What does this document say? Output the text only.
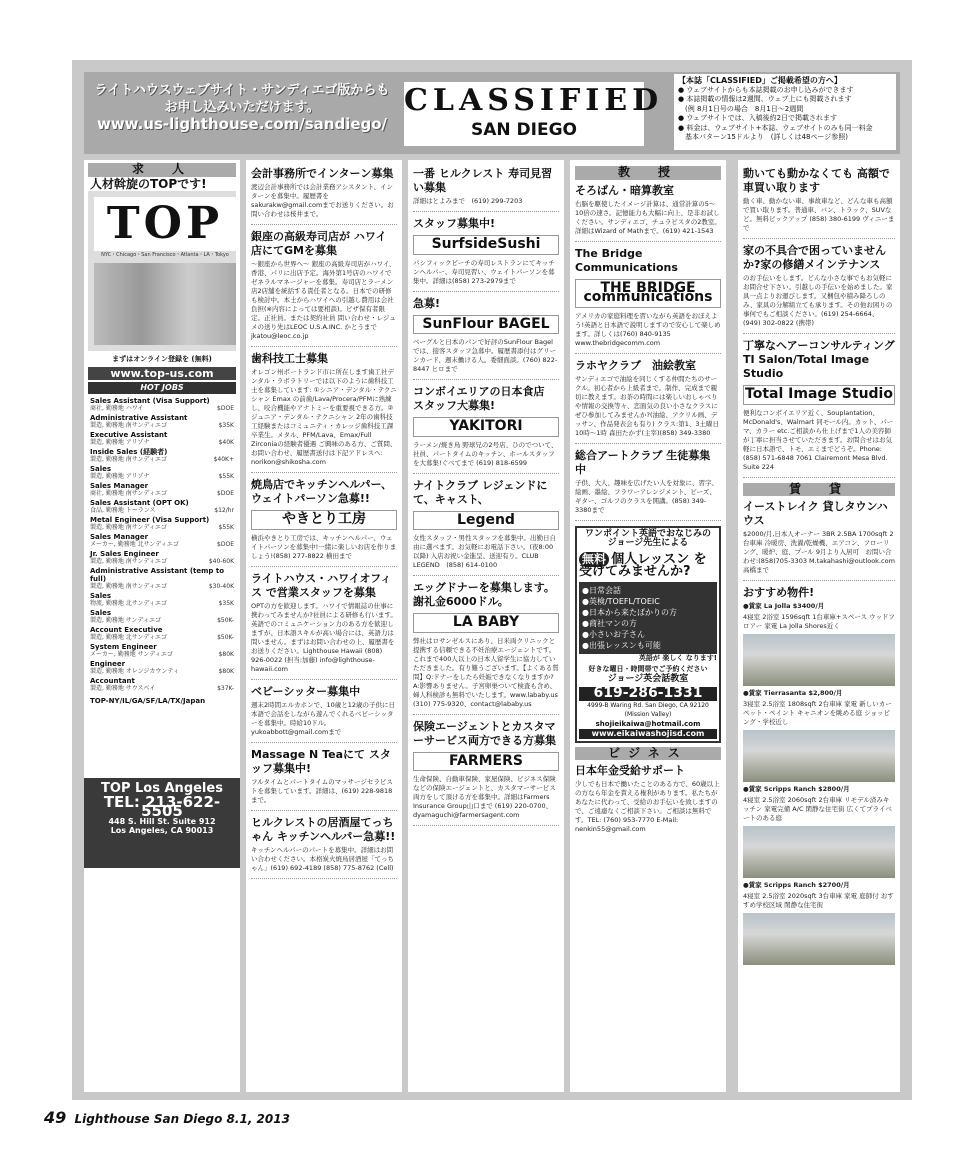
ライトハウスウェブサイト・サンディエゴ版からも
お申し込みいただけます。
www.us-lighthouse.com/sandiego/
CLASSIFIED
SAN DIEGO
【本誌「CLASSIFIED」ご掲載希望の方へ】
● ウェブサイトからも本誌掲載のお申し込みができます
● 本誌掲載の情報は2週間、ウェブ上にも掲載されます
　(例 8月1日号の場合　8月1日〜2週間
● ウェブサイトでは、入稿後約2日で掲載されます
● 料金は、ウェブサイト+本誌、ウェブサイトのみも同一料金
　基本パターン15ドルより　(詳しくは48ページ参照)
求　人
人材斡旋のTOPです!
TOP
NYC・Chicago・San Francisco・Atlanta・LA・Tokyo
まずはオンライン登録を (無料)
www.top-us.com
HOT JOBS
Sales Assistant (Visa Support)
商社, 勤務地 ハワイ	$DOE
Administrative Assistant
製造, 勤務地 南サンディエゴ	$35K
Executive Assistant
製造, 勤務地 アリゾナ	$40K
Inside Sales (経験者)
製造, 勤務地 南サンディエゴ	$40K+
Sales
製造, 勤務地 アリゾナ	$55K
Sales Manager
商社, 勤務地 南サンディエゴ	$DOE
Sales Assistant (OPT OK)
食品, 勤務地 トーランス	$12/hr
Metal Engineer (Visa Support)
製造, 勤務地 南サンディエゴ	$55K
Sales Manager
メーカー, 勤務地 北サンディエゴ	$DOE
Jr. Sales Engineer
製造, 勤務地 南サンディエゴ	$40-60K
Administrative Assistant (temp to full)
製造, 勤務地 南サンディエゴ	$30-40K
Sales
物流, 勤務地 北サンディエゴ	$35K
Sales
製造, 勤務地 サンディエゴ	$50K-
Account Executive
製造, 勤務地 北サンディエゴ	$50K-
System Engineer
メーカー, 勤務地 サンディエゴ	$80K
Engineer
製造, 勤務地 オレンジカウンティ	$80K
Accountant
製造, 勤務地 サウスベイ	$37K-
TOP-NY/IL/GA/SF/LA/TX/Japan
TOP Los Angeles
TEL: 213-622-5505
448 S. Hill St. Suite 912
Los Angeles, CA 90013
会計事務所でインターン募集
渡辺会計事務所では会計業務アシスタント、インターンを募集中。履歴書をsakurakw@gmail.comまでお送りください。お問い合わせは桜井まで。
銀座の高級寿司店が ハワイ店にてGMを募集
〜銀座から世界へ〜 銀座の高級寿司店がハワイ、香港、パリに出店予定。海外第1号店のハワイでゼネラルマネージャーを募集。寿司店とラーメン店2店舗を統括する責任者となる。日本での研修も検討中。本土からハワイへの引越し費用は会社負担(※内容によっては要相談)。ビザ保有者限定。正社員。または契約社員 問い合わせ・レジュメの送り先はLEOC U.S.A.INC. かとうまで　jkatou@leoc.co.jp
歯科技工士募集
オレゴン州ポートランド市に所在します歯工社デンタル・ラボラトリーでは以下のように歯科技工士を募集しています: ①シニア・デンタル・テクニシャン Emax の前歯/Lava/Procera/PFMに熟練し、咬合機能やアナトミーを重要視できる方。②ジュニア・デンタル・テクニシャン 2年の歯科技工経験またはコミュニティ・カレッジ歯科技工課卒業生。メタル、PFM/Lava、Emax/Full Zirconiaの経験者優遇 ご興味のある方、ご質問、お問い合わせ、履歴書送付は下記アドレスへ: norikon@shikosha.com
焼鳥店でキッチンヘルパー、ウェイトパーソン急募!!
やきとり工房
横浜やきとり工房では、キッチンヘルパー、ウェイトパーソンを募集中!一緒に楽しいお店を作りましょう!(858) 277-8822 横田まで
ライトハウス・ハワイオフィス で営業スタッフを募集
OPTの方を歓迎します。ハワイで情報誌の仕事に携わってみませんか?社員による研修も行います。英語でのコミュニケーション力のある方を歓迎しますが、日本語スキルが高い場合には、英語力は問いません。まずはお問い合わせの上、履歴書をお送りください。Lighthouse Hawaii (808) 926-0022 (担当:加藤) info@lighthouse-hawaii.com
ベビーシッター募集中
週末2時間エルカホンで、10歳と12歳の子供に日本語で会話をしながら遊んでくれるベビーシッターを募集中。時給10ドル。yukoabbott@gmail.comまで
Massage N Teaにて スタッフ募集中!
フルタイムとパートタイムのマッサージセラピストを募集しています。詳細は、(619) 228-9818まで。
ヒルクレストの居酒屋てっちゃん キッチンヘルパー急募!!
キッチンヘルパーのパートを募集中。詳細はお問い合わせください。本格炭火焼鳥居酒屋「てっちゃん」(619) 692-4189 (858) 775-8762 (Cell)
一番 ヒルクレスト 寿司見習い募集
詳細はとよみまで　(619) 299-7203
スタッフ募集中!
SurfsideSushi
パシフィックビーチの寿司レストランにてキッチンヘルパー、寿司見習い、ウェイトパーソンを募集中。詳細は(858) 273-2979まで
急募!
SunFlour BAGEL
ベーグルと日本のパンで好評のSunFlour Bagelでは、接客スタッフ急募中。履歴書添付はグリーンカード、週末働ける人。委細面談。(760) 822-8447 ヒロまで
コンボイエリアの日本食店 スタッフ大募集!
YAKITORI
ラーメン/焼き鳥 野球兄の2号店、ひのでついて、社員、パートタイムのキッチン、ホールスタッフを大募集!ぐべてまで (619) 818-6599
ナイトクラブ レジェンドにて、キャスト、
Legend
女性スタッフ・男性スタッフを募集中。出勤日自由に選べます。お気軽にお電話下さい。(夜8:00以降) 入店お祝い金進呈、送迎有り。CLUB LEGEND　(858) 614-0100
エッグドナーを募集します。 謝礼金6000ドル。
LA BABY
弊社はロサンゼルスにあり、日米両クリニックと提携する信頼できる不妊治療エージェントです。これまで400人以上の日本人留学生に協力していただきました。有り難うございます。【よくある質問】Q:ドナーをしたら妊娠できなくなりますか? A:影響ありません。子宮卵巣ついて検査も含め、婦人科検診も無料でいたします。www.lababy.us (310) 775-9320、contact@lababy.us
保険エージェントとカスタマーサービス両方できる方募集
FARMERS
生命保険、自動車保険、家屋保険、ビジネス保険などの保険エージェントと、カスタマーサービス両方をして頂ける方を募集中。詳細はFarmers Insurance Group山口まで (619) 220-0700、dyamaguchi@farmersagent.com
教　授
そろばん・暗算教室
右脳を駆使したイメージ計算は、通常計算の5〜10倍の速さ。記憶能力も大幅に向上、是非お試しください。サンディエゴ、チュラビスタの2教室。詳細はWizard of Mathまで。(619) 421-1543
The Bridge Communications
THE BRIDGE communications
アメリカの家庭料理を習いながら英語をおぼえよう!英語と日本語で説明しますので安心して楽しめます。詳しくは(760) 840-9135 www.thebridgecomm.com
ラホヤクラブ　油絵教室
サンディエゴで油絵を同じくする仲間たちのサークル。初心者から上級者まで。制作、完成まで親切に教えます。お茶の時間には楽しいおしゃべりや情報の交換等々、恋面気の良い小さなクラスにぜひ参加してみませんか?(油絵、アクリル画、デッサン、作品発表会も有り) クラス:第1、3土曜日 10時〜1時 森田たかず(主宰)(858) 349-3380
総合アートクラブ 生徒募集中
子供、大人、趣味を広げたい人を対象に、習字、絵画、墨絵、フラワーアレンジメント、ピーズ、ギター、ゴルフのクラスを開講。(858) 349-3380まで
ワンポイント英語でおなじみの ジョージ先生による
無料 個人レッスン を受けてみませんか?
●日常会話
●英検/TOEFL/TOEIC
●日本から来たばかりの方
●商社マンの方
●小さいお子さん
●出張レッスンも可能
英語が 楽しく なります!
好きな曜日・時間帯でご予約ください
ジョージ英会話教室
619-286-1331
4999-B Waring Rd. San Diego, CA 92120 (Mission Valley)
shojieikaiwa@hotmail.com
www.eikaiwashojisd.com
ビジネス
日本年金受給サポート
少しでも日本で働いたことのある方で、60歳以上の方なら年金を貰える権利があります。私たちがあなたに代わって、受給のお手伝いを致しますので、ご遠慮なくご相談下さい。ご相談は無料です。TEL: (760) 953-7770 E-Mail: nenkin55@gmail.com
動いても動かなくても 高額で車買い取ります
動く車、動かない車、事故車など、どんな車も高額で買い取ります。普通車、バン、トラック、SUVなど。無料ピックアップ (858) 380-6199 ヴィニーまで
家の不具合で困っていませんか?家の修繕メインテナンス
のお手伝いをします。どんな小さな事でもお気軽にお問合せ下さい。引越しの手伝いを始めました。家具一点よりお運びします。又梱包や積み降ろしのみ、家具の分解組立ても承ります。その他お困りの事何でもご相談ください。(619) 254-6664、(949) 302-0822 (携帯)
丁寧なヘアーコンサルティング TI Salon/Total Image Studio
Total Image Studio
便利なコンボイエリア近く、Souplantation、McDonald's、Walmart 同モール内。カット、パーマ、カラー etc.ご相談から仕上げまで1人の美容師が丁寧に担当させていただきます。お問合せはお気軽に日本語で、トモ、エミまでどうぞ。Phone: (858) 571-6848 7061 Clairemont Mesa Blvd. Suite 224
賃　貸
イーストレイク 貸しタウンハウス
$2000/月,日本人オーナー 3BR 2.5BA 1700sqft 2台車庫 冷暖房、洗濯/乾燥機、エアコン、フローリング、暖炉、庭、プール 9月より入居可　お問い合わせ:(858)705-3303 M.takahashi@outlook.com　高橋まで
おすすめ物件!
●賃家 La Jolla $3400/月
4寝室 2浴室 1596sqft 1台車庫+スペース ウッドフロアー 家電 La Jolla Shores近く
●賃家 Tierrasanta $2,800/月
3寝室 2.5浴室 1808sqft 2台車庫 家電 新しいカーペット・ペイント キャニオンを眺める庭 ショッピング・学校近し
●賃家 Scripps Ranch $2800/月
4寝室 2.5浴室 2060sqft 2台車庫 リモデル済みキッチン 家電完備 A/C 閑静な住宅街 広くてプライベートのある庭
●賃家 Scripps Ranch $2700/月
4寝室 2.5浴室 2020sqft 3台車庫 家電 庭師付 おすすめ学校区域 閑静な住宅街
49 Lighthouse San Diego 8.1, 2013
